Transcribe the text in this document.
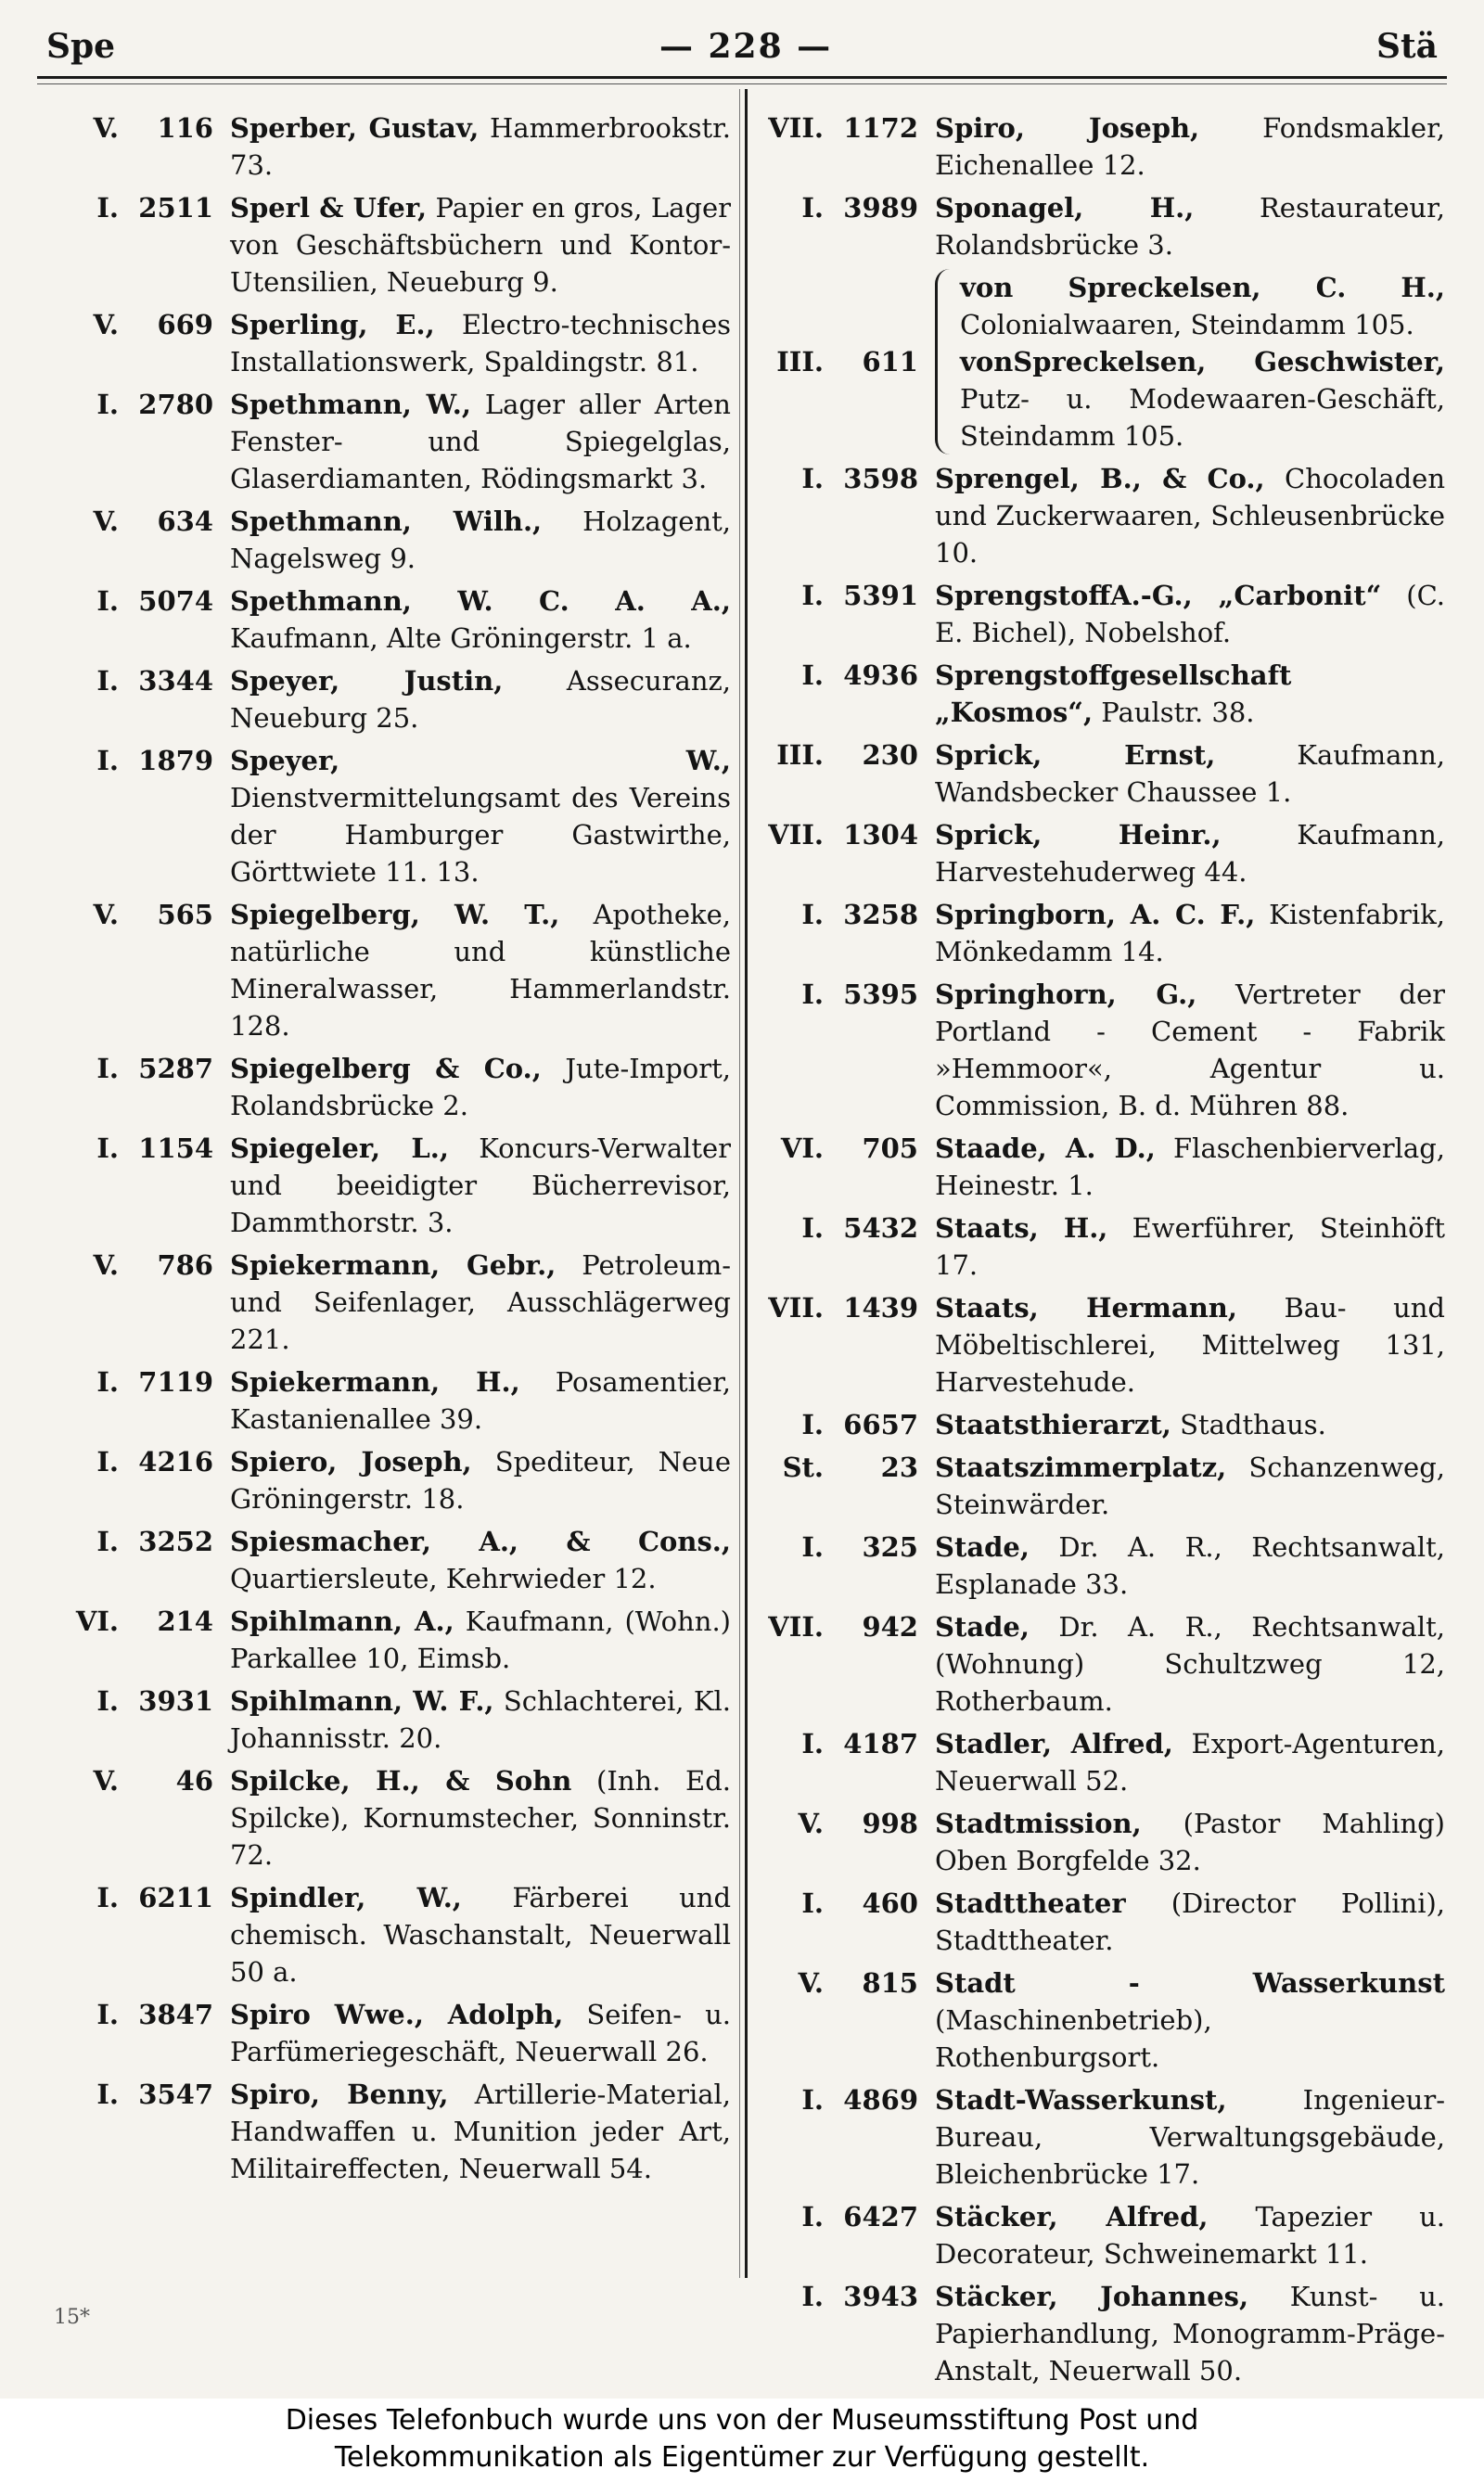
Spe	— 228 —	Stä
V. 116 Sperber, Gustav, Hammerbrookstr. 73.
I. 2511 Sperl & Ufer, Papier en gros, Lager von Geschäftsbüchern und Kontor-Utensilien, Neueburg 9.
V. 669 Sperling, E., Electro-technisches Installationswerk, Spaldingstr. 81.
I. 2780 Spethmann, W., Lager aller Arten Fenster- und Spiegelglas, Glaserdiamanten, Rödingsmarkt 3.
V. 634 Spethmann, Wilh., Holzagent, Nagelsweg 9.
I. 5074 Spethmann, W. C. A. A., Kaufmann, Alte Gröningerstr. 1 a.
I. 3344 Speyer, Justin, Assecuranz, Neueburg 25.
I. 1879 Speyer, W., Dienstvermittelungsamt des Vereins der Hamburger Gastwirthe, Görttwiete 11. 13.
V. 565 Spiegelberg, W. T., Apotheke, natürliche und künstliche Mineralwasser, Hammerlandstr. 128.
I. 5287 Spiegelberg & Co., Jute-Import, Rolandsbrücke 2.
I. 1154 Spiegeler, L., Koncurs-Verwalter und beeidigter Bücherrevisor, Dammthorstr. 3.
V. 786 Spiekermann, Gebr., Petroleum- und Seifenlager, Ausschlägerweg 221.
I. 7119 Spiekermann, H., Posamentier, Kastanienallee 39.
I. 4216 Spiero, Joseph, Spediteur, Neue Gröningerstr. 18.
I. 3252 Spiesmacher, A., & Cons., Quartiersleute, Kehrwieder 12.
VI. 214 Spihlmann, A., Kaufmann, (Wohn.) Parkallee 10, Eimsb.
I. 3931 Spihlmann, W. F., Schlachterei, Kl. Johannisstr. 20.
V. 46 Spilcke, H., & Sohn (Inh. Ed. Spilcke), Kornumstecher, Sonninstr. 72.
I. 6211 Spindler, W., Färberei und chemisch. Waschanstalt, Neuerwall 50 a.
I. 3847 Spiro Wwe., Adolph, Seifen- u. Parfümeriegeschäft, Neuerwall 26.
I. 3547 Spiro, Benny, Artillerie-Material, Handwaffen u. Munition jeder Art, Militaireffecten, Neuerwall 54.
VII. 1172 Spiro, Joseph, Fondsmakler, Eichenallee 12.
I. 3989 Sponagel, H., Restaurateur, Rolandsbrücke 3.
III. 611
von Spreckelsen, C. H., Colonialwaaren, Steindamm 105.
vonSpreckelsen, Geschwister, Putz- u. Modewaaren-Geschäft, Steindamm 105.
I. 3598 Sprengel, B., & Co., Chocoladen und Zuckerwaaren, Schleusenbrücke 10.
I. 5391 SprengstoffA.-G., „Carbonit“ (C. E. Bichel), Nobelshof.
I. 4936 Sprengstoffgesellschaft „Kosmos“, Paulstr. 38.
III. 230 Sprick, Ernst, Kaufmann, Wandsbecker Chaussee 1.
VII. 1304 Sprick, Heinr., Kaufmann, Harvestehuderweg 44.
I. 3258 Springborn, A. C. F., Kistenfabrik, Mönkedamm 14.
I. 5395 Springhorn, G., Vertreter der Portland - Cement - Fabrik »Hemmoor«, Agentur u. Commission, B. d. Mühren 88.
VI. 705 Staade, A. D., Flaschenbierverlag, Heinestr. 1.
I. 5432 Staats, H., Ewerführer, Steinhöft 17.
VII. 1439 Staats, Hermann, Bau- und Möbeltischlerei, Mittelweg 131, Harvestehude.
I. 6657 Staatsthierarzt, Stadthaus.
St. 23 Staatszimmerplatz, Schanzenweg, Steinwärder.
I. 325 Stade, Dr. A. R., Rechtsanwalt, Esplanade 33.
VII. 942 Stade, Dr. A. R., Rechtsanwalt, (Wohnung) Schultzweg 12, Rotherbaum.
I. 4187 Stadler, Alfred, Export-Agenturen, Neuerwall 52.
V. 998 Stadtmission, (Pastor Mahling) Oben Borgfelde 32.
I. 460 Stadttheater (Director Pollini), Stadttheater.
V. 815 Stadt - Wasserkunst (Maschinenbetrieb), Rothenburgsort.
I. 4869 Stadt-Wasserkunst, Ingenieur-Bureau, Verwaltungsgebäude, Bleichenbrücke 17.
I. 6427 Stäcker, Alfred, Tapezier u. Decorateur, Schweinemarkt 11.
I. 3943 Stäcker, Johannes, Kunst- u. Papierhandlung, Monogramm-Präge-Anstalt, Neuerwall 50.
15*
Dieses Telefonbuch wurde uns von der Museumsstiftung Post und
Telekommunikation als Eigentümer zur Verfügung gestellt.
